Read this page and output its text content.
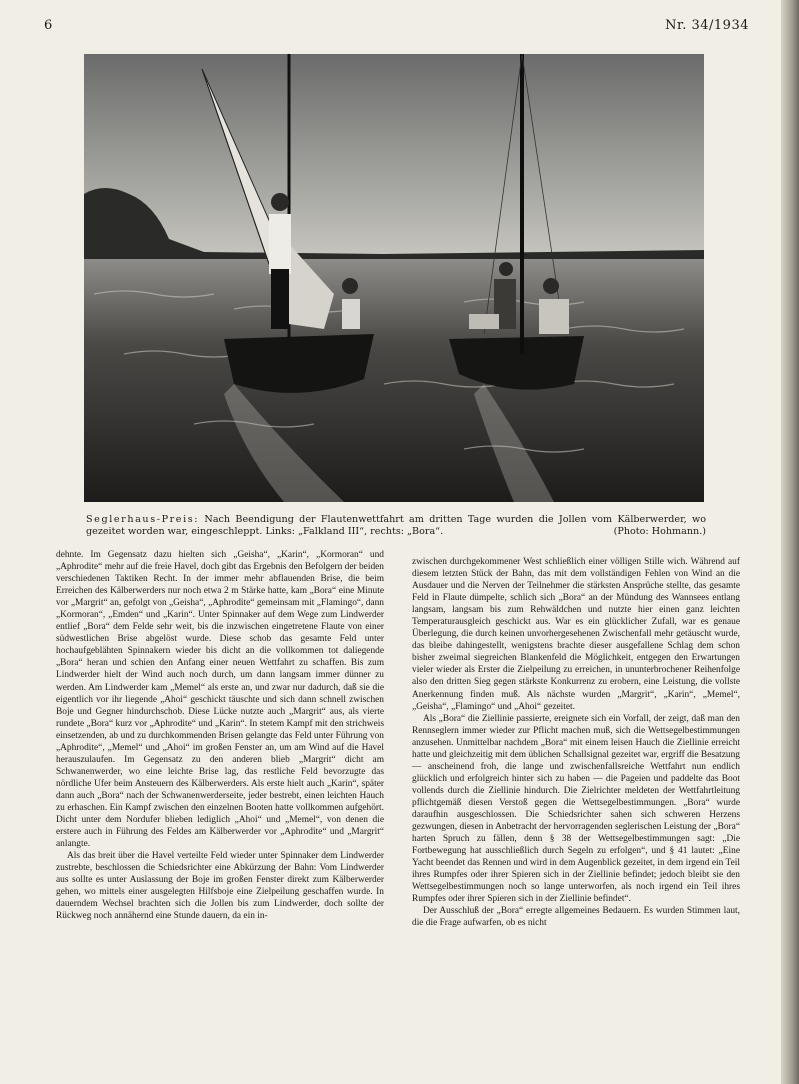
6	Nr. 34/1934
Seglerhaus-Preis: Nach Beendigung der Flautenwettfahrt am dritten Tage wurden die Jollen vom Kälberwerder, wo gezeitet worden war, eingeschleppt. Links: „Falkland III“, rechts: „Bora“.	(Photo: Hohmann.)

dehnte. Im Gegensatz dazu hielten sich „Geisha“, „Karin“, „Kormoran“ und „Aphrodite“ mehr auf die freie Havel, doch gibt das Ergebnis den Befolgern der beiden verschiedenen Taktiken Recht. In der immer mehr abflauenden Brise, die beim Erreichen des Kälberwerders nur noch etwa 2 m Stärke hatte, kam „Bora“ eine Minute vor „Margrit“ an, gefolgt von „Geisha“, „Aphrodite“ gemeinsam mit „Flamingo“, dann „Kormoran“, „Emden“ und „Karin“. Unter Spinnaker auf dem Wege zum Lindwerder entlief „Bora“ dem Felde sehr weit, bis die inzwischen eingetretene Flaute von einer südwestlichen Brise abgelöst wurde. Diese schob das gesamte Feld unter hochaufgeblähten Spinnakern wieder bis dicht an die vollkommen tot daliegende „Bora“ heran und schien den Anfang einer neuen Wettfahrt zu schaffen. Bis zum Lindwerder hielt der Wind auch noch durch, um dann langsam immer dünner zu werden. Am Lindwerder kam „Memel“ als erste an, und zwar nur dadurch, daß sie die eigentlich vor ihr liegende „Ahoi“ geschickt täuschte und sich dann schnell zwischen Boje und Gegner hindurchschob. Diese Lücke nutzte auch „Margrit“ aus, als vierte rundete „Bora“ kurz vor „Aphrodite“ und „Karin“. In stetem Kampf mit den strichweis einsetzenden, ab und zu durchkommenden Brisen gelangte das Feld unter Führung von „Aphrodite“, „Memel“ und „Ahoi“ im großen Fenster an, um am Wind auf die Havel herauszulaufen. Im Gegensatz zu den anderen blieb „Margrit“ dicht am Schwanenwerder, wo eine leichte Brise lag, das restliche Feld bevorzugte das nördliche Ufer beim Ansteuern des Kälberwerders. Als erste hielt auch „Karin“, später dann auch „Bora“ nach der Schwanenwerderseite, jeder bestrebt, einen leichten Hauch zu erhaschen. Ein Kampf zwischen den einzelnen Booten hatte vollkommen aufgehört. Dicht unter dem Nordufer blieben lediglich „Ahoi“ und „Memel“, von denen die erstere auch in Führung des Feldes am Kälberwerder vor „Aphrodite“ und „Margrit“ anlangte.

Als das breit über die Havel verteilte Feld wieder unter Spinnaker dem Lindwerder zustrebte, beschlossen die Schiedsrichter eine Abkürzung der Bahn: Vom Lindwerder aus sollte es unter Auslassung der Boje im großen Fenster direkt zum Kälberwerder gehen, wo mittels einer ausgelegten Hilfsboje eine Zielpeilung geschaffen wurde. In dauerndem Wechsel brachten sich die Jollen bis zum Lindwerder, doch sollte der Rückweg noch annähernd eine Stunde dauern, da ein in-

zwischen durchgekommener West schließlich einer völligen Stille wich. Während auf diesem letzten Stück der Bahn, das mit dem vollständigen Fehlen von Wind an die Ausdauer und die Nerven der Teilnehmer die stärksten Ansprüche stellte, das gesamte Feld in Flaute dümpelte, schlich sich „Bora“ an der Mündung des Wannsees entlang langsam, langsam bis zum Rehwäldchen und nutzte hier einen ganz leichten Temperaturausgleich geschickt aus. War es ein glücklicher Zufall, war es genaue Überlegung, die durch keinen unvorhergesehenen Zwischenfall mehr getäuscht wurde, das bleibe dahingestellt, wenigstens brachte dieser ausgefallene Schlag dem schon bisher zweimal siegreichen Blankenfeld die Möglichkeit, entgegen den Erwartungen vieler wieder als Erster die Zielpeilung zu erreichen, in ununterbrochener Reihenfolge also den dritten Sieg gegen stärkste Konkurrenz zu erobern, eine Leistung, die vollste Anerkennung finden muß. Als nächste wurden „Margrit“, „Karin“, „Memel“, „Geisha“, „Flamingo“ und „Ahoi“ gezeitet.

Als „Bora“ die Ziellinie passierte, ereignete sich ein Vorfall, der zeigt, daß man den Rennseglern immer wieder zur Pflicht machen muß, sich die Wettsegelbestimmungen anzusehen. Unmittelbar nachdem „Bora“ mit einem leisen Hauch die Ziellinie erreicht hatte und gleichzeitig mit dem üblichen Schallsignal gezeitet war, ergriff die Besatzung — anscheinend froh, die lange und zwischenfallsreiche Wettfahrt nun endlich glücklich und erfolgreich hinter sich zu haben — die Pageien und paddelte das Boot vollends durch die Ziellinie hindurch. Die Zielrichter meldeten der Wettfahrtleitung pflichtgemäß diesen Verstoß gegen die Wettsegelbestimmungen. „Bora“ wurde daraufhin ausgeschlossen. Die Schiedsrichter sahen sich schweren Herzens gezwungen, diesen in Anbetracht der hervorragenden seglerischen Leistung der „Bora“ harten Spruch zu fällen, denn § 38 der Wettsegelbestimmungen sagt: „Die Fortbewegung hat ausschließlich durch Segeln zu erfolgen“, und § 41 lautet: „Eine Yacht beendet das Rennen und wird in dem Augenblick gezeitet, in dem irgend ein Teil ihres Rumpfes oder ihrer Spieren sich in der Ziellinie befindet; jedoch bleibt sie den Wettsegelbestimmungen noch so lange unterworfen, als noch irgend ein Teil ihres Rumpfes oder ihrer Spieren sich in der Ziellinie befindet“.

Der Ausschluß der „Bora“ erregte allgemeines Bedauern. Es wurden Stimmen laut, die die Frage aufwarfen, ob es nicht
